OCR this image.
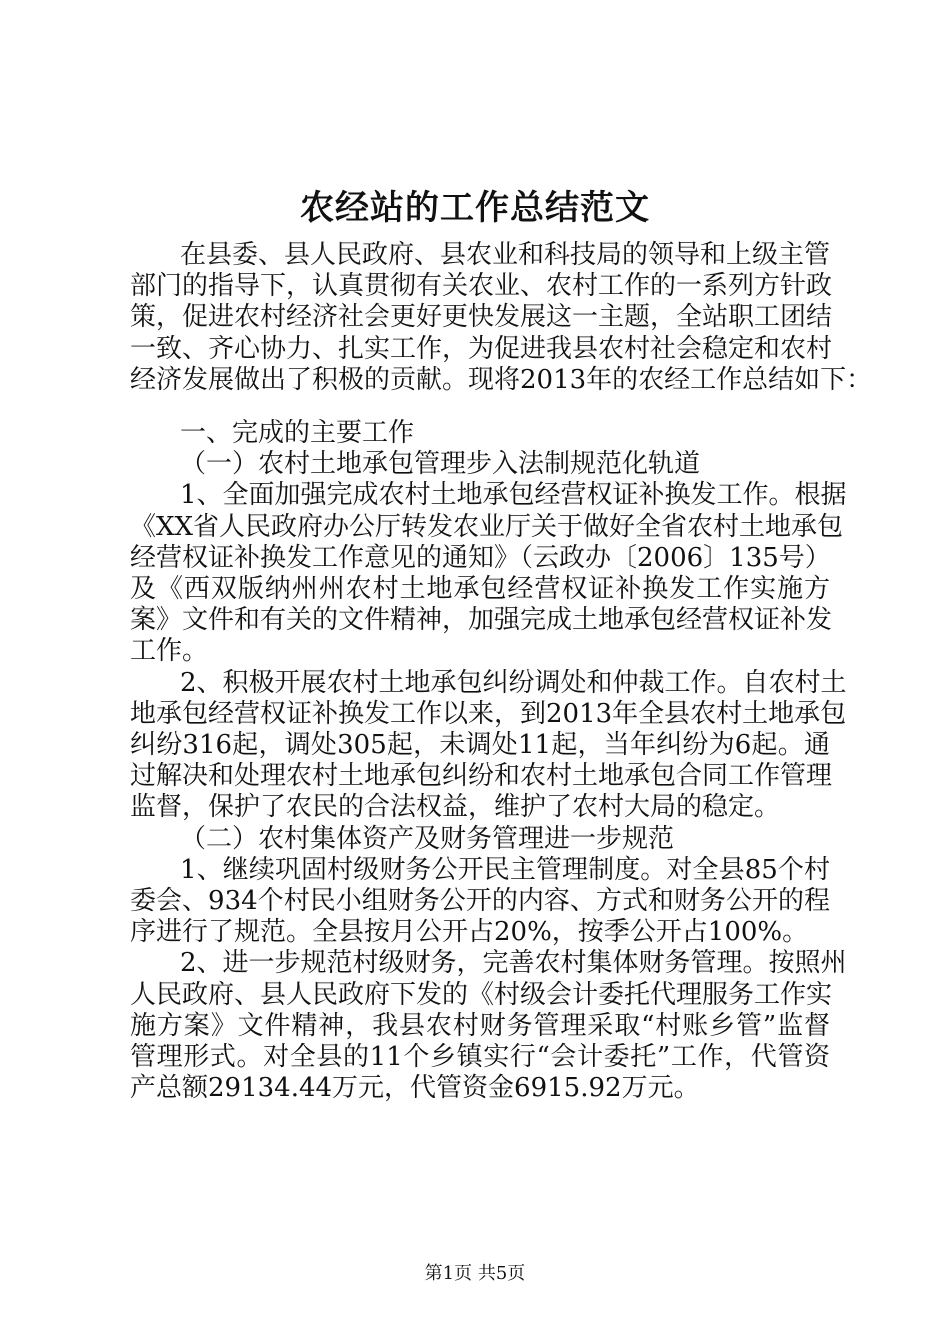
农经站的工作总结范文
在县委、县人民政府、县农业和科技局的领导和上级主管
部门的指导下，认真贯彻有关农业、农村工作的一系列方针政
策，促进农村经济社会更好更快发展这一主题，全站职工团结
一致、齐心协力、扎实工作，为促进我县农村社会稳定和农村
经济发展做出了积极的贡献。现将2013年的农经工作总结如下：
一、完成的主要工作
（一）农村土地承包管理步入法制规范化轨道
1、全面加强完成农村土地承包经营权证补换发工作。根据
《XX省人民政府办公厅转发农业厅关于做好全省农村土地承包
经营权证补换发工作意见的通知》（云政办〔2006〕135号）
及《西双版纳州州农村土地承包经营权证补换发工作实施方
案》文件和有关的文件精神，加强完成土地承包经营权证补发
工作。
2、积极开展农村土地承包纠纷调处和仲裁工作。自农村土
地承包经营权证补换发工作以来，到2013年全县农村土地承包
纠纷316起，调处305起，未调处11起，当年纠纷为6起。通
过解决和处理农村土地承包纠纷和农村土地承包合同工作管理
监督，保护了农民的合法权益，维护了农村大局的稳定。
（二）农村集体资产及财务管理进一步规范
1、继续巩固村级财务公开民主管理制度。对全县85个村
委会、934个村民小组财务公开的内容、方式和财务公开的程
序进行了规范。全县按月公开占20%，按季公开占100%。
2、进一步规范村级财务，完善农村集体财务管理。按照州
人民政府、县人民政府下发的《村级会计委托代理服务工作实
施方案》文件精神，我县农村财务管理采取“村账乡管”监督
管理形式。对全县的11个乡镇实行“会计委托”工作，代管资
产总额29134.44万元，代管资金6915.92万元。
第1页 共5页
